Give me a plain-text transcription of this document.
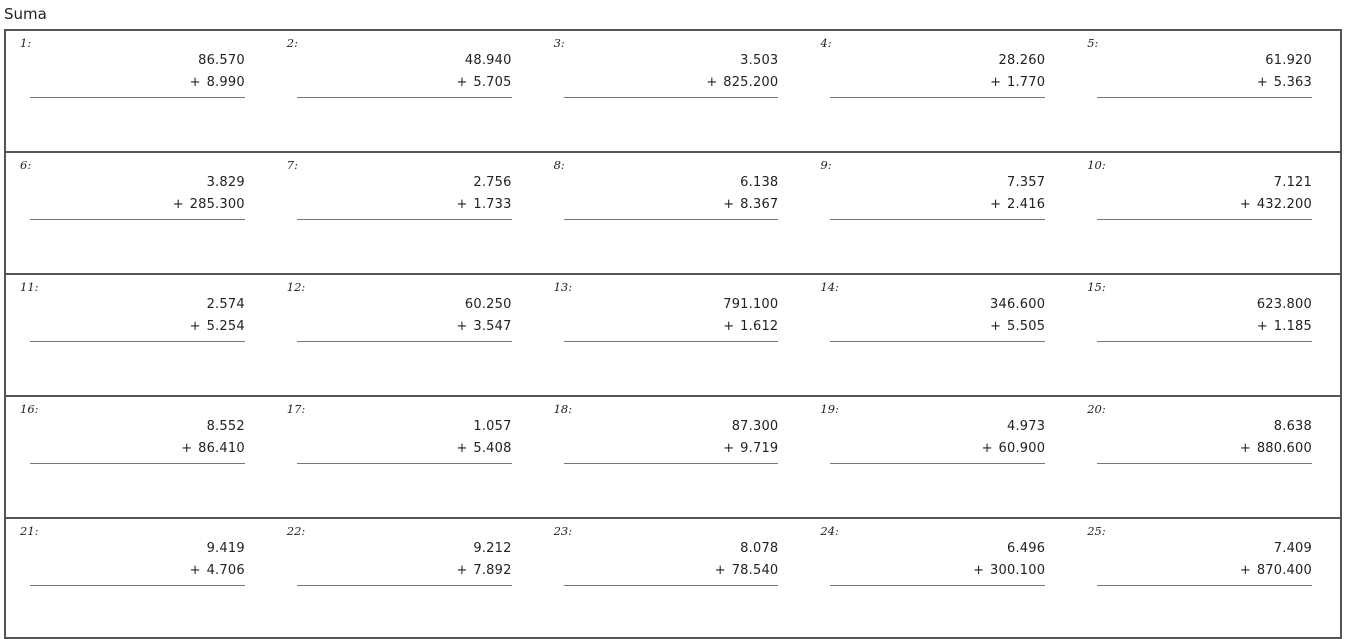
Suma
1:
86.570
+ 8.990
2:
48.940
+ 5.705
3:
3.503
+ 825.200
4:
28.260
+ 1.770
5:
61.920
+ 5.363
6:
3.829
+ 285.300
7:
2.756
+ 1.733
8:
6.138
+ 8.367
9:
7.357
+ 2.416
10:
7.121
+ 432.200
11:
2.574
+ 5.254
12:
60.250
+ 3.547
13:
791.100
+ 1.612
14:
346.600
+ 5.505
15:
623.800
+ 1.185
16:
8.552
+ 86.410
17:
1.057
+ 5.408
18:
87.300
+ 9.719
19:
4.973
+ 60.900
20:
8.638
+ 880.600
21:
9.419
+ 4.706
22:
9.212
+ 7.892
23:
8.078
+ 78.540
24:
6.496
+ 300.100
25:
7.409
+ 870.400
